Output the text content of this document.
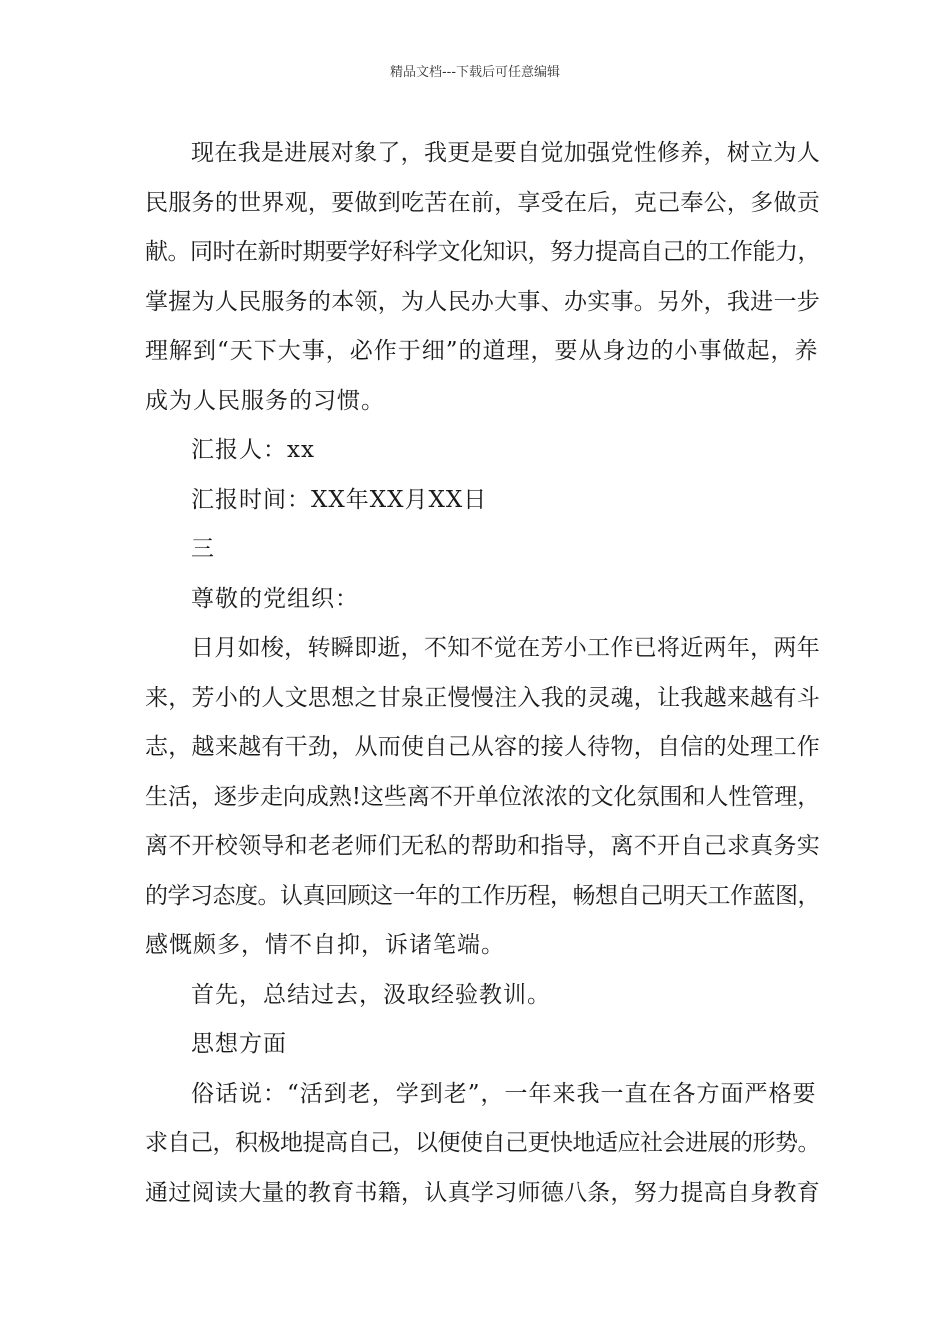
精品文档---下载后可任意编辑
现在我是进展对象了，我更是要自觉加强党性修养，树立为人
民服务的世界观，要做到吃苦在前，享受在后，克己奉公，多做贡
献。同时在新时期要学好科学文化知识，努力提高自己的工作能力，
掌握为人民服务的本领，为人民办大事、办实事。另外，我进一步
理解到“天下大事，必作于细”的道理，要从身边的小事做起，养
成为人民服务的习惯。
汇报人：xx
汇报时间：XX年XX月XX日
三
尊敬的党组织：
日月如梭，转瞬即逝，不知不觉在芳小工作已将近两年，两年
来，芳小的人文思想之甘泉正慢慢注入我的灵魂，让我越来越有斗
志，越来越有干劲，从而使自己从容的接人待物，自信的处理工作
生活，逐步走向成熟!这些离不开单位浓浓的文化氛围和人性管理，
离不开校领导和老老师们无私的帮助和指导，离不开自己求真务实
的学习态度。认真回顾这一年的工作历程，畅想自己明天工作蓝图，
感慨颇多，情不自抑，诉诸笔端。
首先，总结过去，汲取经验教训。
思想方面
俗话说：“活到老，学到老”，一年来我一直在各方面严格要
求自己，积极地提高自己，以便使自己更快地适应社会进展的形势。
通过阅读大量的教育书籍，认真学习师德八条，努力提高自身教育
